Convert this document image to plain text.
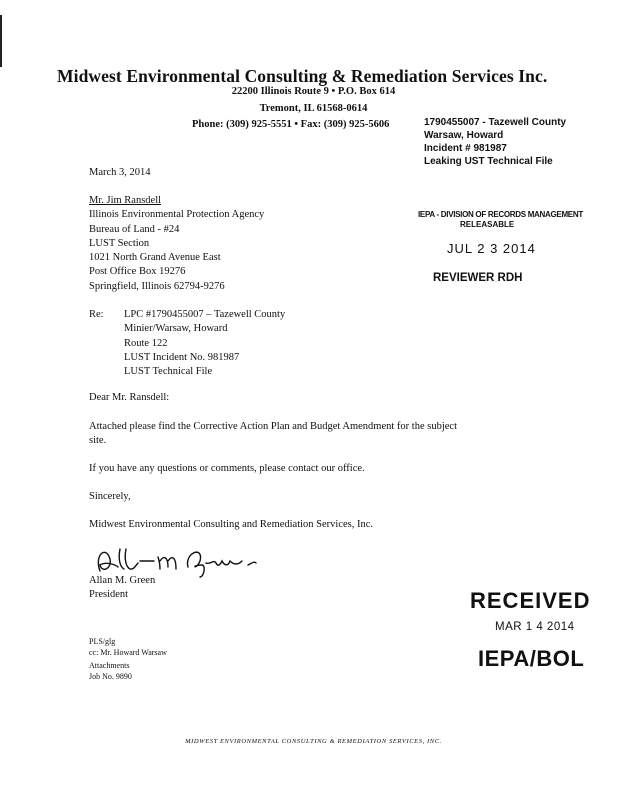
Midwest Environmental Consulting & Remediation Services Inc.
22200 Illinois Route 9 • P.O. Box 614
Tremont, IL 61568-0614
Phone: (309) 925-5551 • Fax: (309) 925-5606	1790455007 - Tazewell County
Warsaw, Howard
Incident # 981987
Leaking UST Technical File
March 3, 2014
Mr. Jim Ransdell
Illinois Environmental Protection Agency
Bureau of Land - #24
LUST Section
1021 North Grand Avenue East
Post Office Box 19276
Springfield, Illinois 62794-9276
IEPA - DIVISION OF RECORDS MANAGEMENT
RELEASABLE
JUL 2 3 2014
REVIEWER RDH
Re: LPC #1790455007 – Tazewell County
Minier/Warsaw, Howard
Route 122
LUST Incident No. 981987
LUST Technical File
Dear Mr. Ransdell:
Attached please find the Corrective Action Plan and Budget Amendment for the subject
site.
If you have any questions or comments, please contact our office.
Sincerely,
Midwest Environmental Consulting and Remediation Services, Inc.
Allan M. Green
President	RECEIVED
MAR 1 4 2014
IEPA/BOL
PLS/glg
cc: Mr. Howard Warsaw
Attachments
Job No. 9890
MIDWEST ENVIRONMENTAL CONSULTING & REMEDIATION SERVICES, INC.
